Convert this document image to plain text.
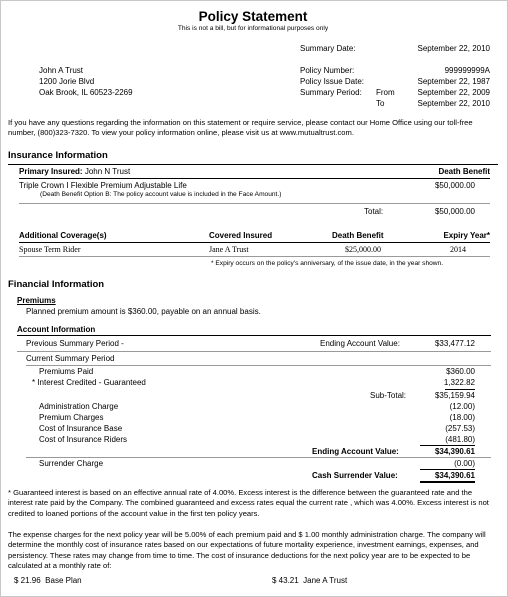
Policy Statement
This is not a bill, but for informational purposes only
Summary Date:	September 22, 2010
John A Trust
1200 Jorie Blvd
Oak Brook, IL 60523-2269
Policy Number:	999999999A
Policy Issue Date:	September 22, 1987
Summary Period: From	September 22, 2009
To	September 22, 2010
If you have any questions regarding the information on this statement or require service, please contact our Home Office using our toll-free number, (800)323-7320. To view your policy information online, please visit us at www.mutualtrust.com.
Insurance Information
Primary Insured: John N Trust	Death Benefit
Triple Crown I Flexible Premium Adjustable Life	$50,000.00
(Death Benefit Option B: The policy account value is included in the Face Amount.)
Total:	$50,000.00
Additional Coverage(s)	Covered Insured	Death Benefit	Expiry Year*
Spouse Term Rider	Jane A Trust	$25,000.00	2014
* Expiry occurs on the policy's anniversary, of the issue date, in the year shown.
Financial Information
Premiums
Planned premium amount is $360.00, payable on an annual basis.
Account Information
Previous Summary Period -	Ending Account Value:	$33,477.12
Current Summary Period
Premiums Paid	$360.00
* Interest Credited - Guaranteed	1,322.82
Sub-Total:	$35,159.94
Administration Charge	(12.00)
Premium Charges	(18.00)
Cost of Insurance Base	(257.53)
Cost of Insurance Riders	(481.80)
Ending Account Value:	$34,390.61
Surrender Charge	(0.00)
Cash Surrender Value:	$34,390.61
* Guaranteed interest is based on an effective annual rate of 4.00%. Excess interest is the difference between the guaranteed rate and the interest rate paid by the Company. The combined guaranteed and excess rates equal the current rate , which was 4.00%. Excess interest is not credited to loaned portions of the account value in the first ten policy years.
The expense charges for the next policy year will be 5.00% of each premium paid and $ 1.00 monthly administration charge. The company will determine the monthly cost of insurance rates based on our expectations of future mortality experience, investment earnings, expenses, and persistency. These rates may change from time to time. The cost of insurance deductions for the next policy year are to be expected to be calculated at a monthly rate of:
$ 21.96 Base Plan	$ 43.21 Jane A Trust
